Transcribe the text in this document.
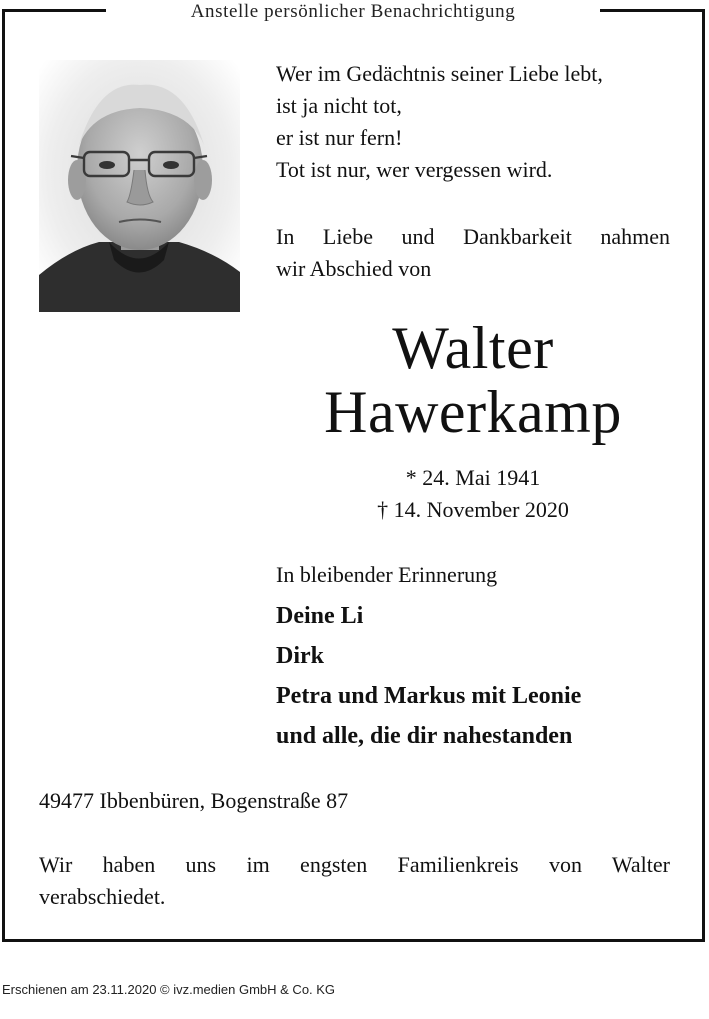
Anstelle persönlicher Benachrichtigung
Wer im Gedächtnis seiner Liebe lebt,
ist ja nicht tot,
er ist nur fern!
Tot ist nur, wer vergessen wird.
In Liebe und Dankbarkeit nahmen
wir Abschied von
Walter
Hawerkamp
* 24. Mai 1941
† 14. November 2020
In bleibender Erinnerung
Deine Li
Dirk
Petra und Markus mit Leonie
und alle, die dir nahestanden
49477 Ibbenbüren, Bogenstraße 87
Wir haben uns im engsten Familienkreis von Walter
verabschiedet.
Erschienen am 23.11.2020 © ivz.medien GmbH & Co. KG
